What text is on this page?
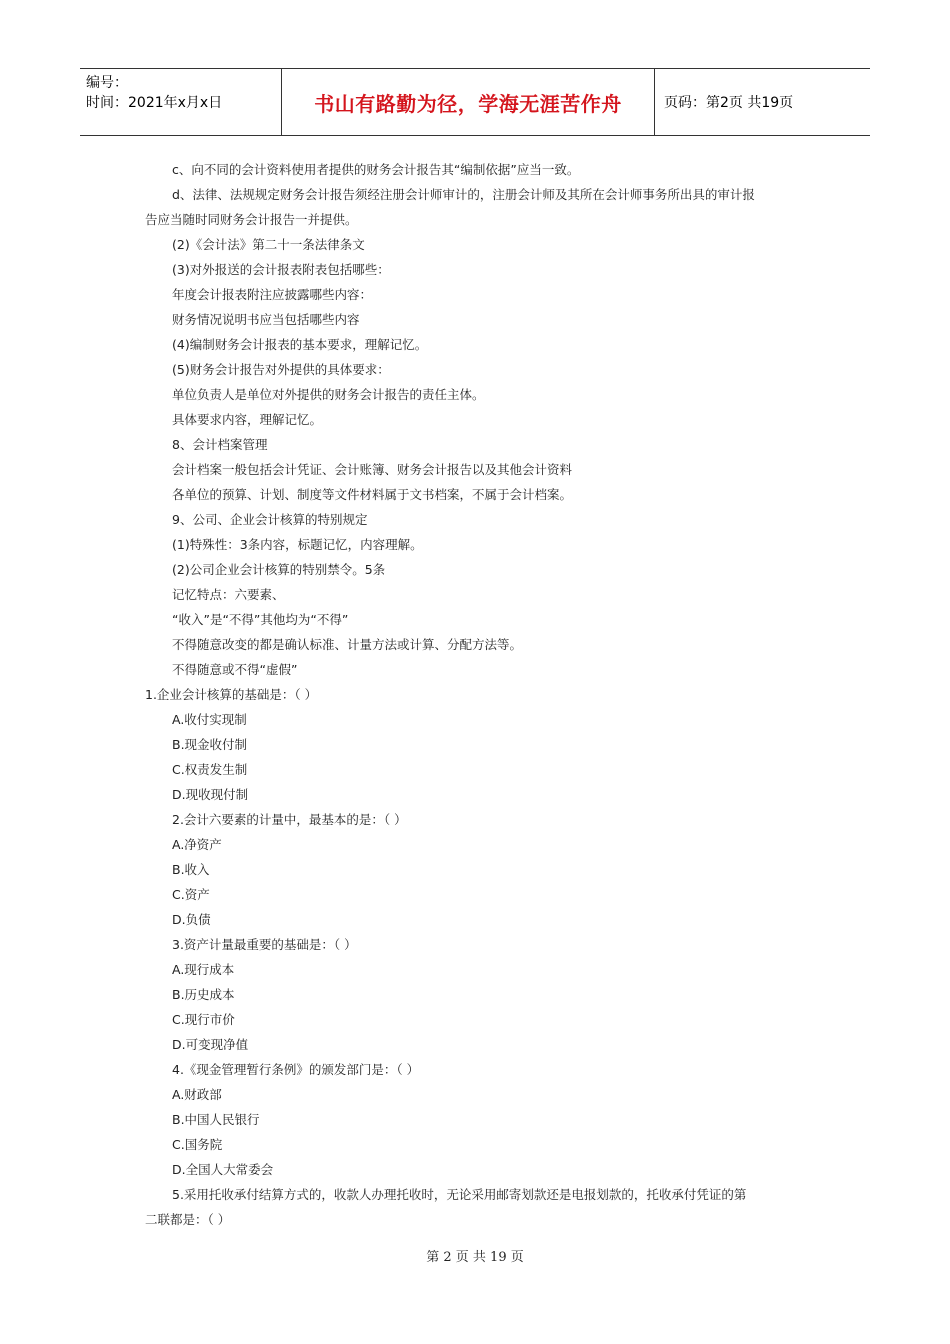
编号：
时间：2021年x月x日	书山有路勤为径，学海无涯苦作舟	页码：第2页 共19页
c、向不同的会计资料使用者提供的财务会计报告其“编制依据”应当一致。
d、法律、法规规定财务会计报告须经注册会计师审计的，注册会计师及其所在会计师事务所出具的审计报
告应当随时同财务会计报告一并提供。
(2)《会计法》第二十一条法律条文
(3)对外报送的会计报表附表包括哪些：
年度会计报表附注应披露哪些内容：
财务情况说明书应当包括哪些内容
(4)编制财务会计报表的基本要求，理解记忆。
(5)财务会计报告对外提供的具体要求：
单位负责人是单位对外提供的财务会计报告的责任主体。
具体要求内容，理解记忆。
8、会计档案管理
会计档案一般包括会计凭证、会计账簿、财务会计报告以及其他会计资料
各单位的预算、计划、制度等文件材料属于文书档案，不属于会计档案。
9、公司、企业会计核算的特别规定
(1)特殊性：3条内容，标题记忆，内容理解。
(2)公司企业会计核算的特别禁令。5条
记忆特点：六要素、
“收入”是“不得”其他均为“不得”
不得随意改变的都是确认标准、计量方法或计算、分配方法等。
不得随意或不得“虚假”
1.企业会计核算的基础是：（ ）
A.收付实现制
B.现金收付制
C.权责发生制
D.现收现付制
2.会计六要素的计量中，最基本的是：（ ）
A.净资产
B.收入
C.资产
D.负债
3.资产计量最重要的基础是：（ ）
A.现行成本
B.历史成本
C.现行市价
D.可变现净值
4.《现金管理暂行条例》的颁发部门是：（ ）
A.财政部
B.中国人民银行
C.国务院
D.全国人大常委会
5.采用托收承付结算方式的，收款人办理托收时，无论采用邮寄划款还是电报划款的，托收承付凭证的第
二联都是：（ ）
第 2 页 共 19 页
